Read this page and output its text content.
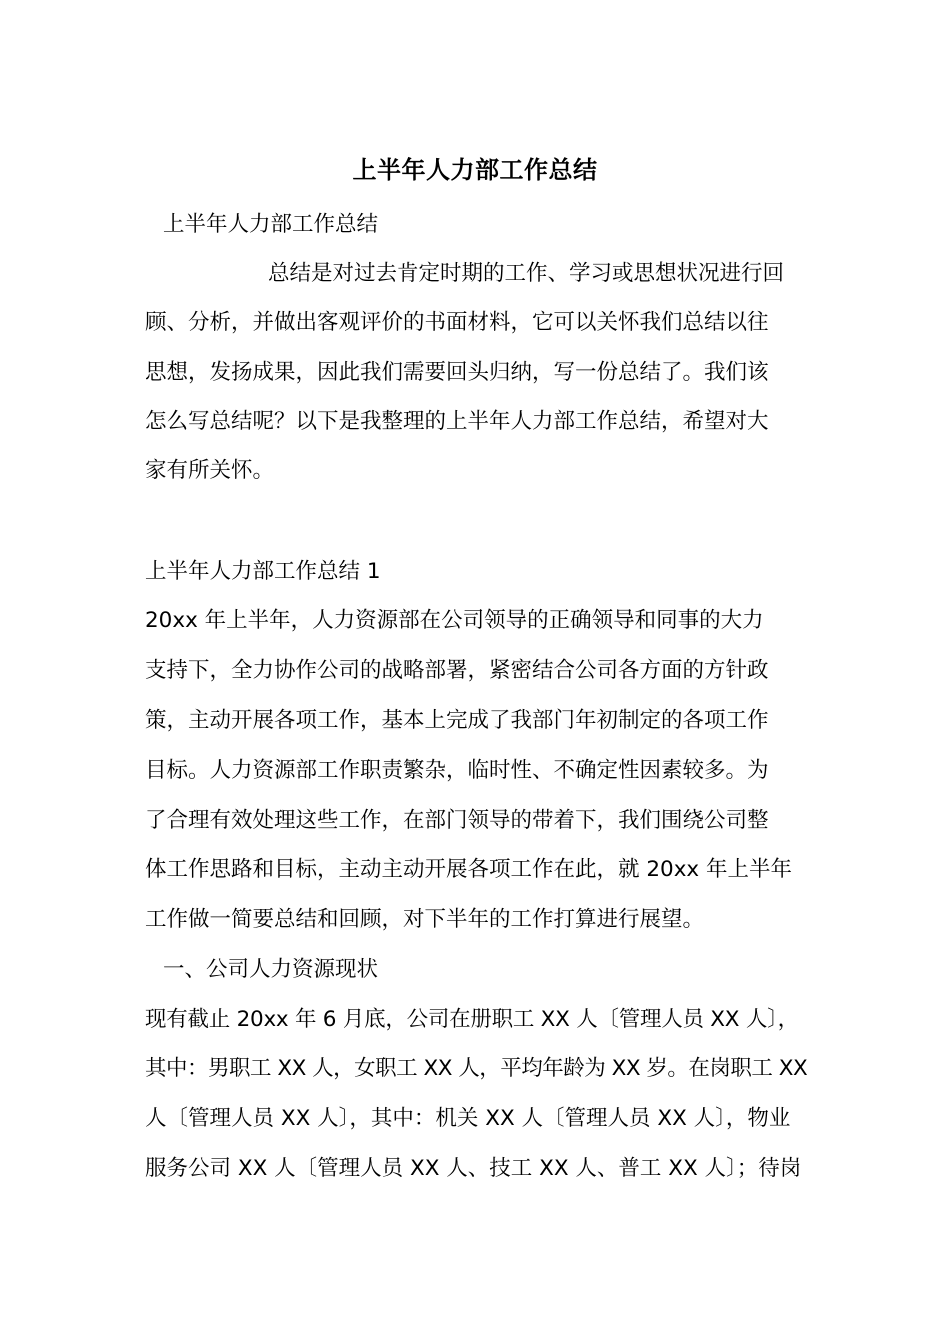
上半年人力部工作总结
上半年人力部工作总结
总结是对过去肯定时期的工作、学习或思想状况进行回
顾、分析，并做出客观评价的书面材料，它可以关怀我们总结以往
思想，发扬成果，因此我们需要回头归纳，写一份总结了。我们该
怎么写总结呢？以下是我整理的上半年人力部工作总结，希望对大
家有所关怀。
上半年人力部工作总结 1
20xx 年上半年，人力资源部在公司领导的正确领导和同事的大力
支持下，全力协作公司的战略部署，紧密结合公司各方面的方针政
策，主动开展各项工作，基本上完成了我部门年初制定的各项工作
目标。人力资源部工作职责繁杂，临时性、不确定性因素较多。为
了合理有效处理这些工作，在部门领导的带着下，我们围绕公司整
体工作思路和目标，主动主动开展各项工作在此，就 20xx 年上半年
工作做一简要总结和回顾，对下半年的工作打算进行展望。
一、公司人力资源现状
现有截止 20xx 年 6 月底，公司在册职工 XX 人〔管理人员 XX 人〕，
其中：男职工 XX 人，女职工 XX 人，平均年龄为 XX 岁。在岗职工 XX
人〔管理人员 XX 人〕，其中：机关 XX 人〔管理人员 XX 人〕，物业
服务公司 XX 人〔管理人员 XX 人、技工 XX 人、普工 XX 人〕；待岗
